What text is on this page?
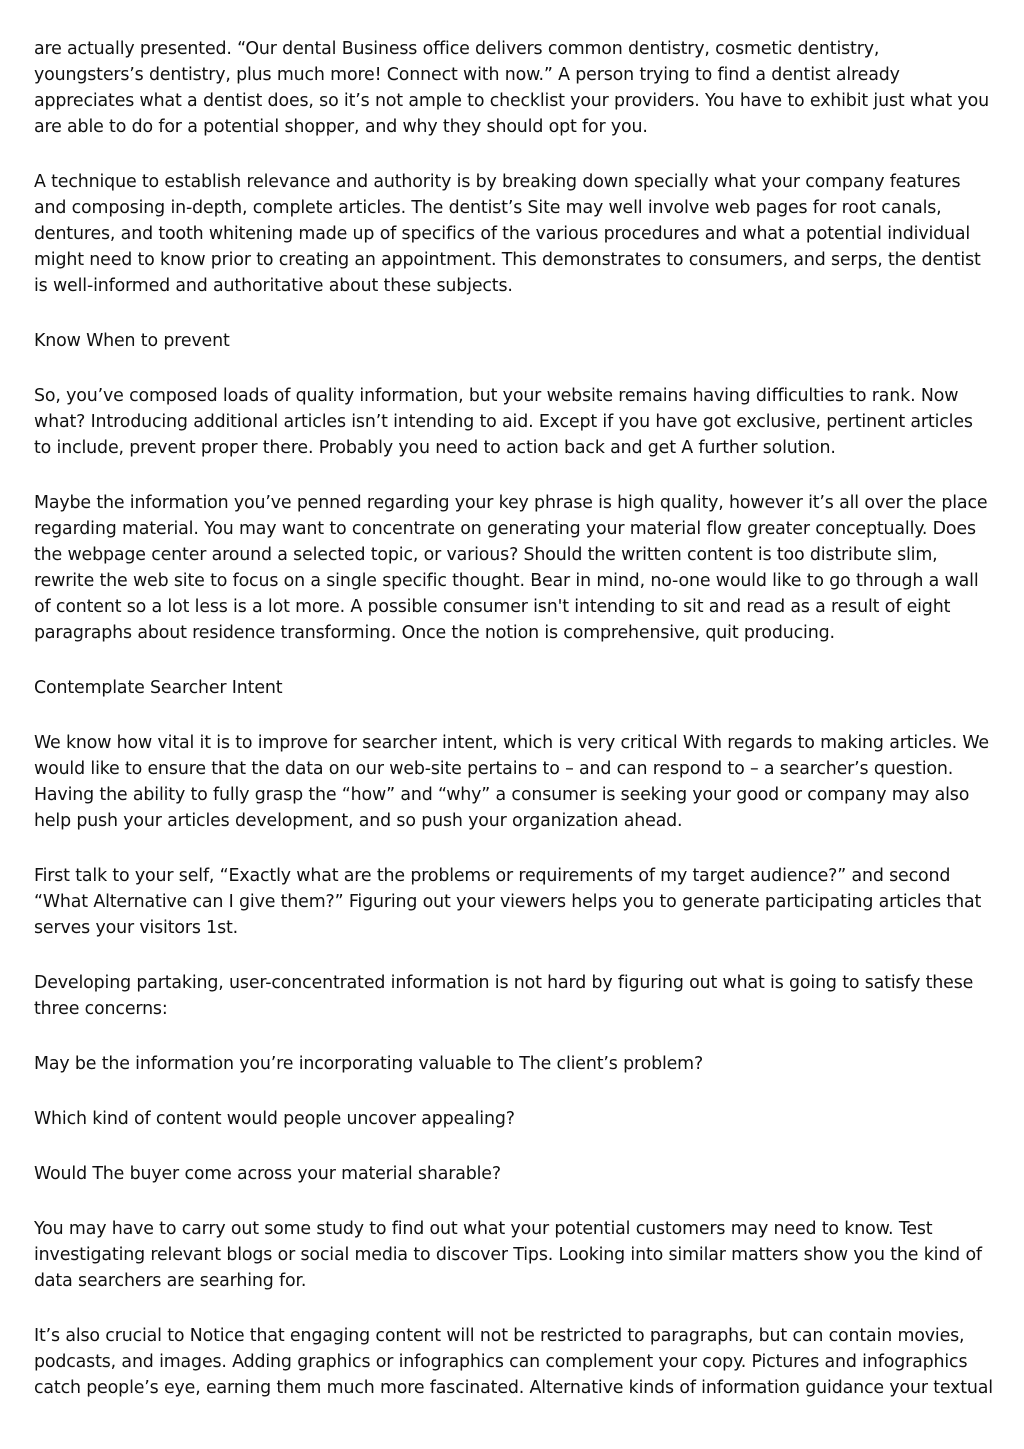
are actually presented. “Our dental Business office delivers common dentistry, cosmetic dentistry, youngsters’s dentistry, plus much more! Connect with now.” A person trying to find a dentist already appreciates what a dentist does, so it’s not ample to checklist your providers. You have to exhibit just what you are able to do for a potential shopper, and why they should opt for you.

A technique to establish relevance and authority is by breaking down specially what your company features and composing in-depth, complete articles. The dentist’s Site may well involve web pages for root canals, dentures, and tooth whitening made up of specifics of the various procedures and what a potential individual might need to know prior to creating an appointment. This demonstrates to consumers, and serps, the dentist is well-informed and authoritative about these subjects.

Know When to prevent

So, you’ve composed loads of quality information, but your website remains having difficulties to rank. Now what? Introducing additional articles isn’t intending to aid. Except if you have got exclusive, pertinent articles to include, prevent proper there. Probably you need to action back and get A further solution.

Maybe the information you’ve penned regarding your key phrase is high quality, however it’s all over the place regarding material. You may want to concentrate on generating your material flow greater conceptually. Does the webpage center around a selected topic, or various? Should the written content is too distribute slim, rewrite the web site to focus on a single specific thought. Bear in mind, no-one would like to go through a wall of content so a lot less is a lot more. A possible consumer isn't intending to sit and read as a result of eight paragraphs about residence transforming. Once the notion is comprehensive, quit producing.

Contemplate Searcher Intent

We know how vital it is to improve for searcher intent, which is very critical With regards to making articles. We would like to ensure that the data on our web-site pertains to – and can respond to – a searcher’s question. Having the ability to fully grasp the “how” and “why” a consumer is seeking your good or company may also help push your articles development, and so push your organization ahead.

First talk to your self, “Exactly what are the problems or requirements of my target audience?” and second “What Alternative can I give them?” Figuring out your viewers helps you to generate participating articles that serves your visitors 1st.

Developing partaking, user-concentrated information is not hard by figuring out what is going to satisfy these three concerns:

May be the information you’re incorporating valuable to The client’s problem?

Which kind of content would people uncover appealing?

Would The buyer come across your material sharable?

You may have to carry out some study to find out what your potential customers may need to know. Test investigating relevant blogs or social media to discover Tips. Looking into similar matters show you the kind of data searchers are searhing for.

It’s also crucial to Notice that engaging content will not be restricted to paragraphs, but can contain movies, podcasts, and images. Adding graphics or infographics can complement your copy. Pictures and infographics catch people’s eye, earning them much more fascinated. Alternative kinds of information guidance your textual
